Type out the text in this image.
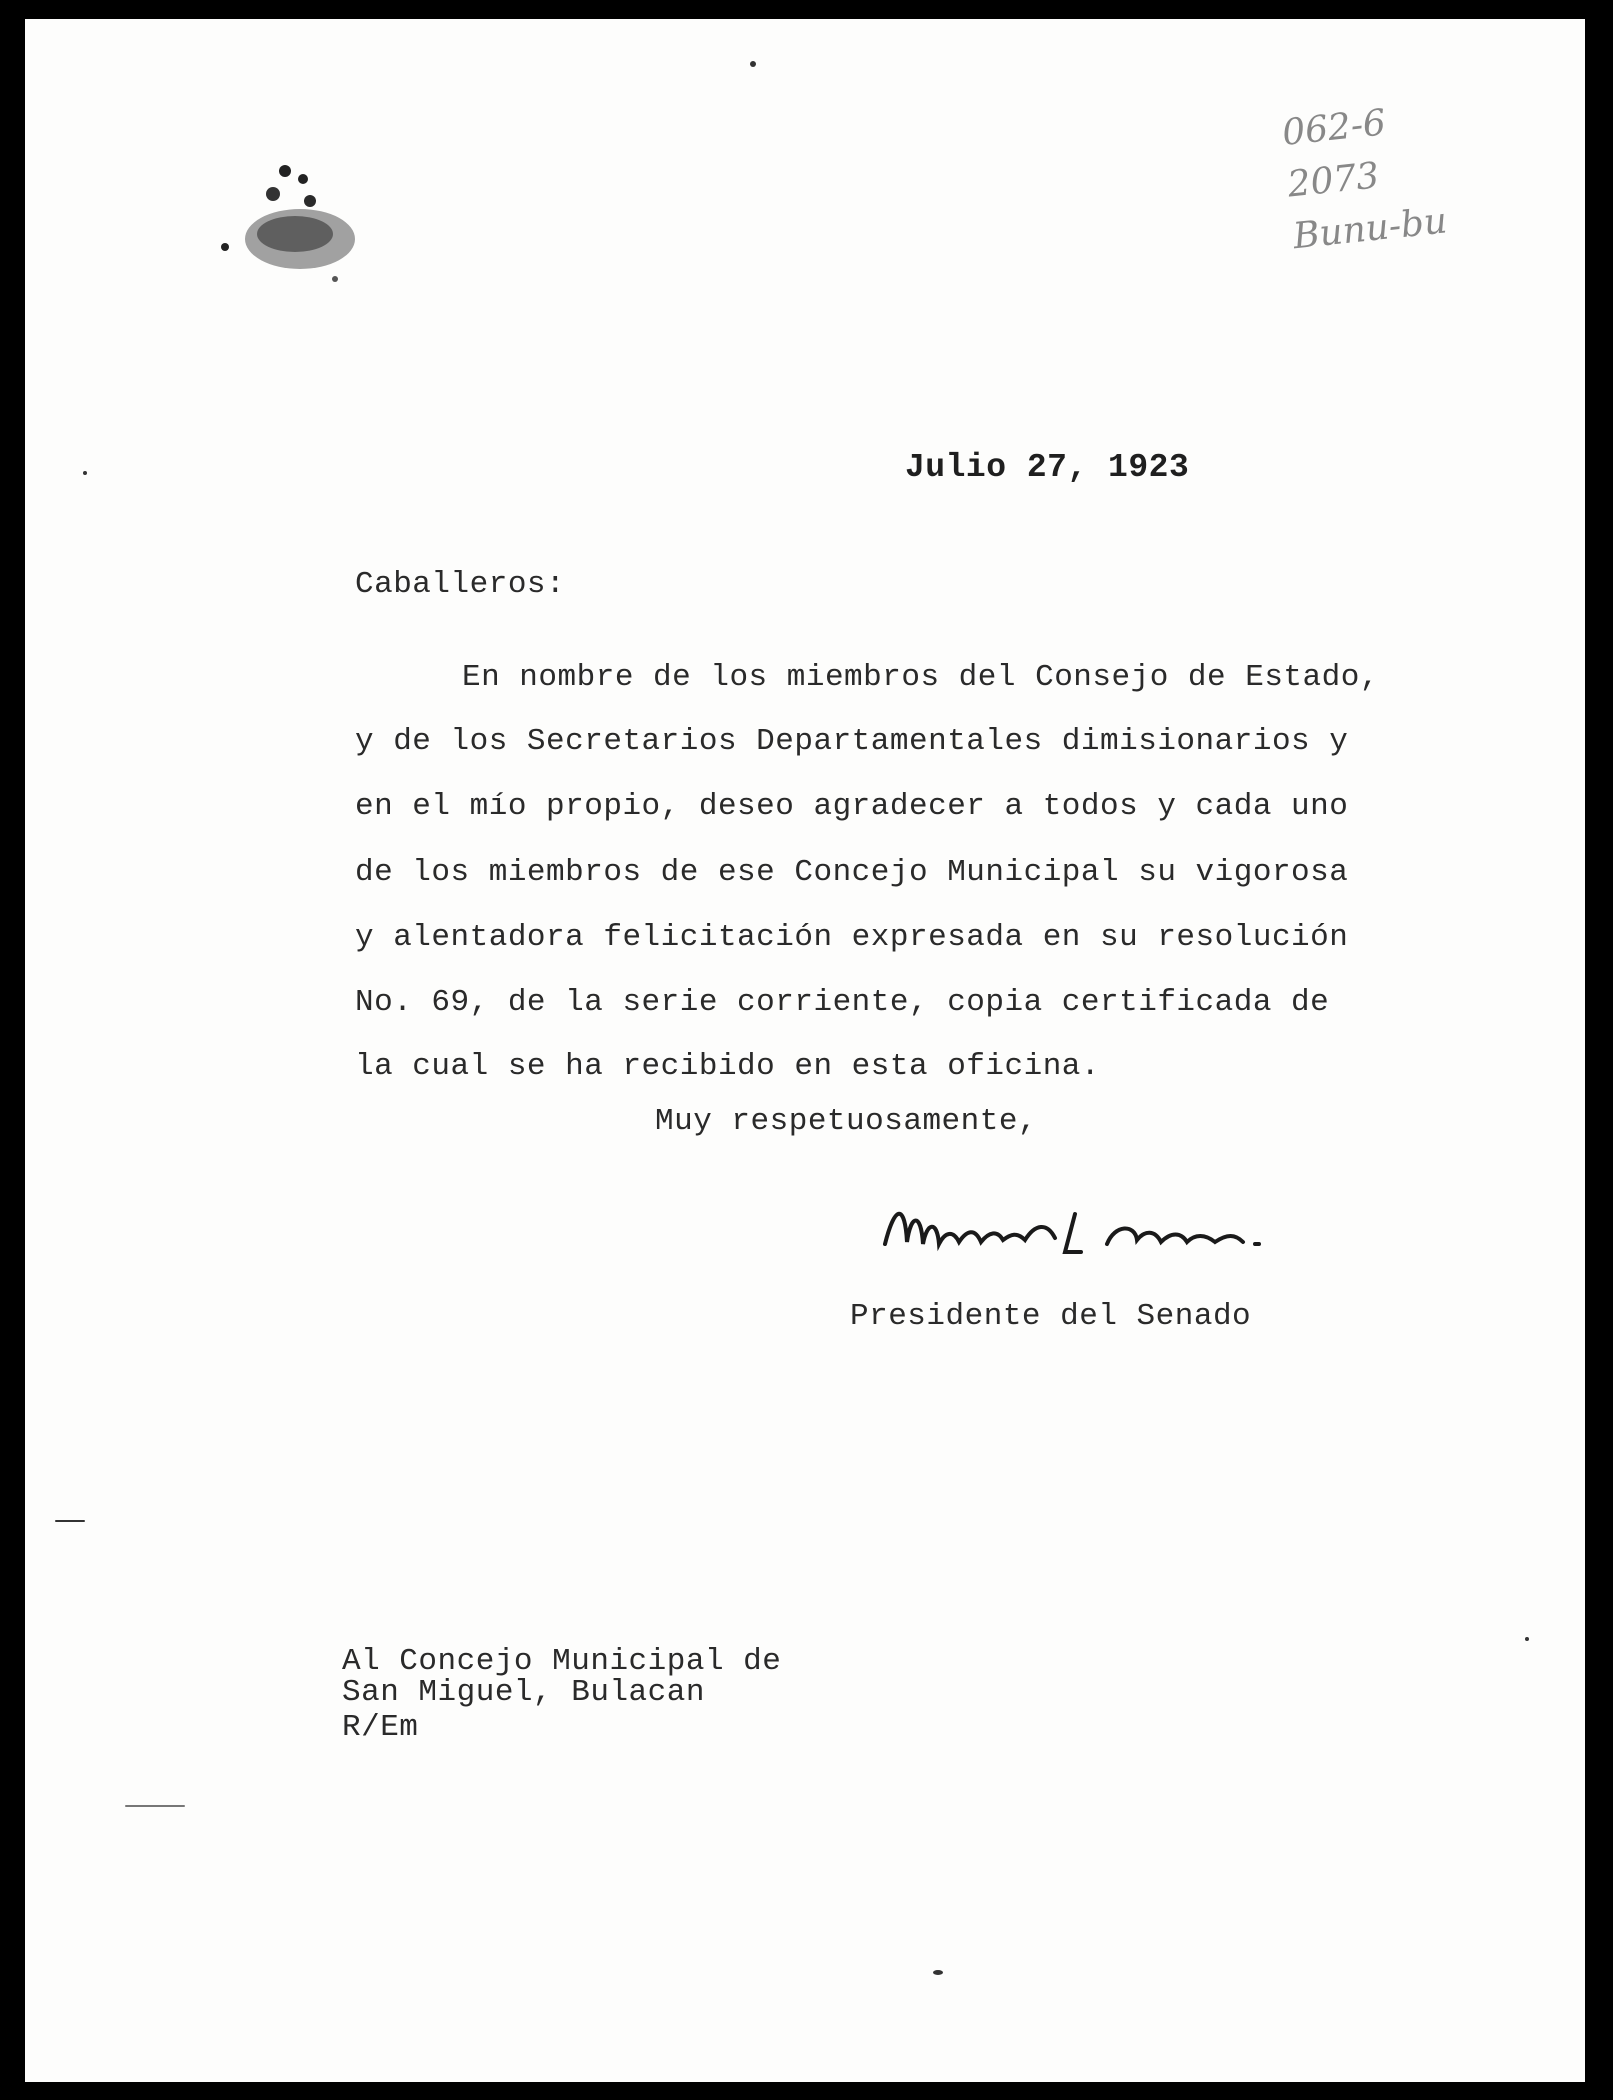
062-6
2073
Bunu-bu
Julio 27, 1923
Caballeros:
En nombre de los miembros del Consejo de Estado,
y de los Secretarios Departamentales dimisionarios y
en el mío propio, deseo agradecer a todos y cada uno
de los miembros de ese Concejo Municipal su vigorosa
y alentadora felicitación expresada en su resolución
No. 69, de la serie corriente, copia certificada de
la cual se ha recibido en esta oficina.
Muy respetuosamente,
Presidente del Senado
Al Concejo Municipal de
San Miguel, Bulacan
R/Em
